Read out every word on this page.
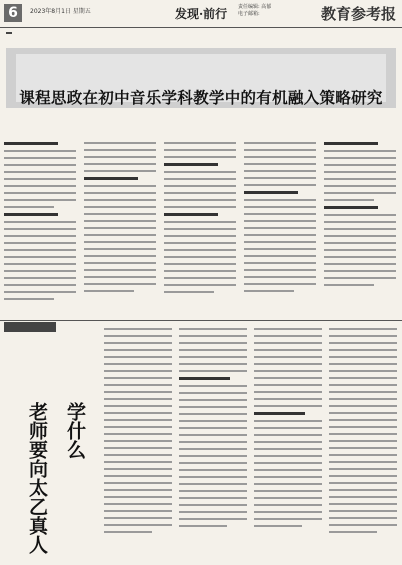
6	2023年8月1日 星期五	发现·前行 责任编辑: 高郁
电子邮箱:	教育参考报
课程思政在初中音乐学科教学中的有机融入策略研究
老师要向太乙真人 学什么
